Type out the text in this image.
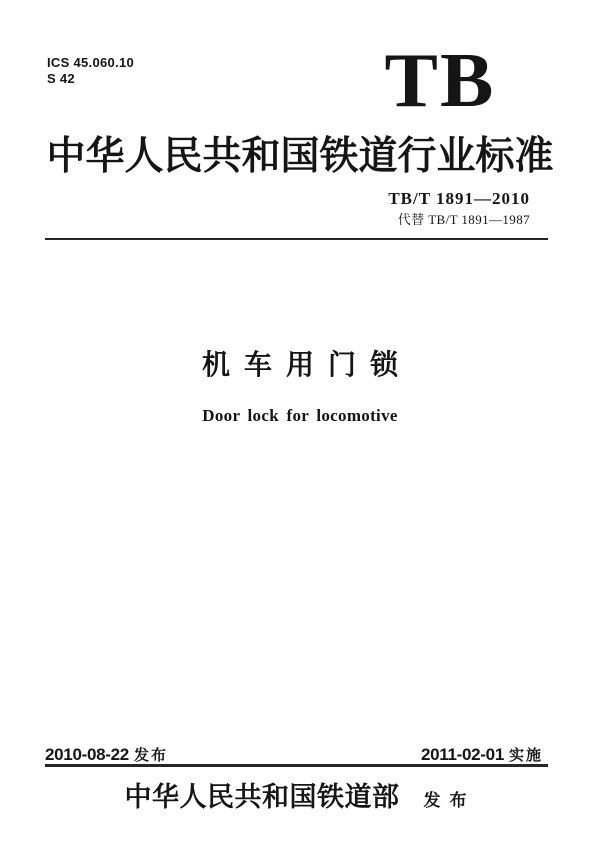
ICS 45.060.10
S 42	TB
中华人民共和国铁道行业标准
TB/T 1891—2010
代替 TB/T 1891—1987
机车用门锁
Door lock for locomotive
2010-08-22 发布	2011-02-01 实施
中华人民共和国铁道部	发布
